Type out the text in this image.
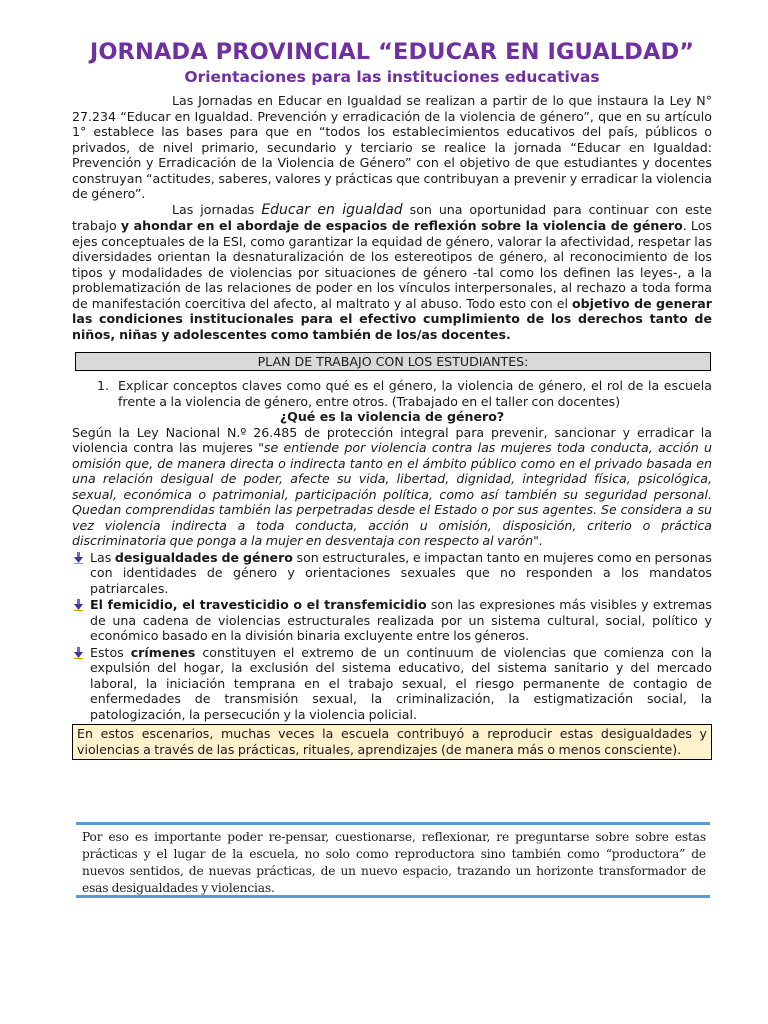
JORNADA PROVINCIAL “EDUCAR EN IGUALDAD”
Orientaciones para las instituciones educativas

Las Jornadas en Educar en Igualdad se realizan a partir de lo que instaura la Ley N° 27.234 “Educar en Igualdad. Prevención y erradicación de la violencia de género”, que en su artículo 1° establece las bases para que en “todos los establecimientos educativos del país, públicos o privados, de nivel primario, secundario y terciario se realice la jornada “Educar en Igualdad: Prevención y Erradicación de la Violencia de Género” con el objetivo de que estudiantes y docentes construyan “actitudes, saberes, valores y prácticas que contribuyan a prevenir y erradicar la violencia de género”.

Las jornadas Educar en igualdad son una oportunidad para continuar con este trabajo y ahondar en el abordaje de espacios de reflexión sobre la violencia de género. Los ejes conceptuales de la ESI, como garantizar la equidad de género, valorar la afectividad, respetar las diversidades orientan la desnaturalización de los estereotipos de género, al reconocimiento de los tipos y modalidades de violencias por situaciones de género -tal como los definen las leyes-, a la problematización de las relaciones de poder en los vínculos interpersonales, al rechazo a toda forma de manifestación coercitiva del afecto, al maltrato y al abuso. Todo esto con el objetivo de generar las condiciones institucionales para el efectivo cumplimiento de los derechos tanto de niños, niñas y adolescentes como también de los/as docentes.

PLAN DE TRABAJO CON LOS ESTUDIANTES:
1. Explicar conceptos claves como qué es el género, la violencia de género, el rol de la escuela frente a la violencia de género, entre otros. (Trabajado en el taller con docentes)

¿Qué es la violencia de género?

Según la Ley Nacional N.º 26.485 de protección integral para prevenir, sancionar y erradicar la violencia contra las mujeres "se entiende por violencia contra las mujeres toda conducta, acción u omisión que, de manera directa o indirecta tanto en el ámbito público como en el privado basada en una relación desigual de poder, afecte su vida, libertad, dignidad, integridad física, psicológica, sexual, económica o patrimonial, participación política, como así también su seguridad personal. Quedan comprendidas también las perpetradas desde el Estado o por sus agentes. Se considera a su vez violencia indirecta a toda conducta, acción u omisión, disposición, criterio o práctica discriminatoria que ponga a la mujer en desventaja con respecto al varón".

Las desigualdades de género son estructurales, e impactan tanto en mujeres como en personas con identidades de género y orientaciones sexuales que no responden a los mandatos patriarcales.
El femicidio, el travesticidio o el transfemicidio son las expresiones más visibles y extremas de una cadena de violencias estructurales realizada por un sistema cultural, social, político y económico basado en la división binaria excluyente entre los géneros.
Estos crímenes constituyen el extremo de un continuum de violencias que comienza con la expulsión del hogar, la exclusión del sistema educativo, del sistema sanitario y del mercado laboral, la iniciación temprana en el trabajo sexual, el riesgo permanente de contagio de enfermedades de transmisión sexual, la criminalización, la estigmatización social, la patologización, la persecución y la violencia policial.
En estos escenarios, muchas veces la escuela contribuyó a reproducir estas desigualdades y violencias a través de las prácticas, rituales, aprendizajes (de manera más o menos consciente).

Por eso es importante poder re-pensar, cuestionarse, reflexionar, re preguntarse sobre sobre estas prácticas y el lugar de la escuela, no solo como reproductora sino también como “productora” de nuevos sentidos, de nuevas prácticas, de un nuevo espacio, trazando un horizonte transformador de esas desigualdades y violencias.
